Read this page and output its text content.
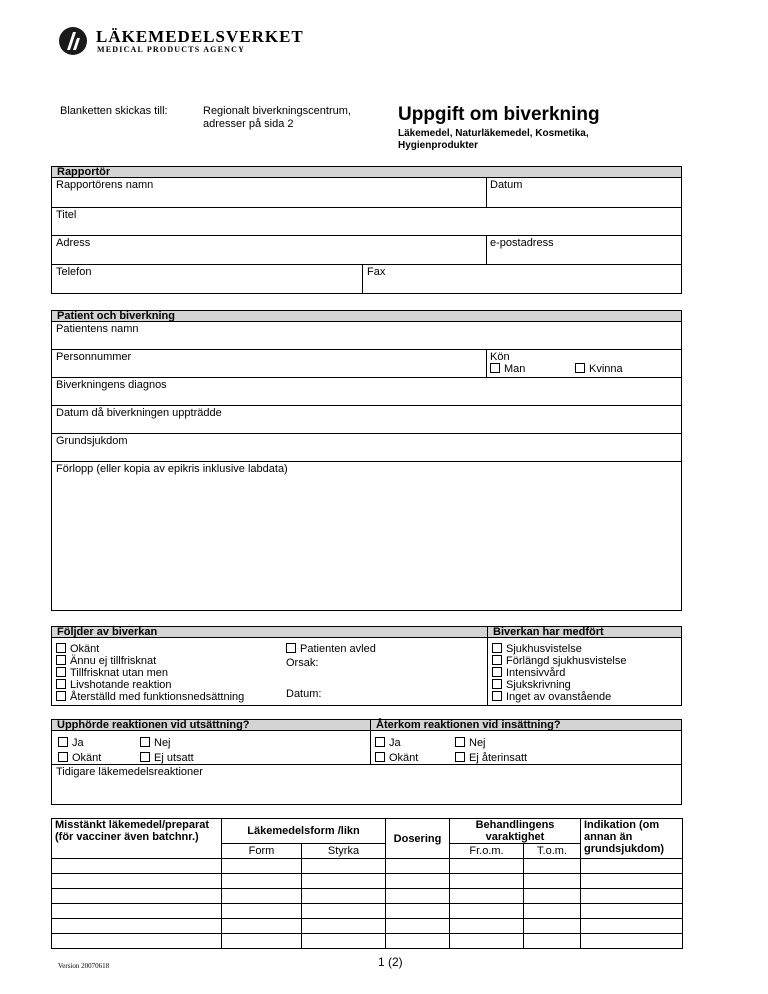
LÄKEMEDELSVERKET
MEDICAL PRODUCTS AGENCY
Blanketten skickas till:	Regionalt biverkningscentrum, adresser på sida 2	Uppgift om biverkning
Läkemedel, Naturläkemedel, Kosmetika, Hygienprodukter
Rapportör
Rapportörens namn	Datum
Titel
Adress	e-postadress
Telefon	Fax
Patient och biverkning
Patientens namn
Personnummer	Kön
Man	Kvinna
Biverkningens diagnos
Datum då biverkningen uppträdde
Grundsjukdom
Förlopp (eller kopia av epikris inklusive labdata)
Följder av biverkan	Biverkan har medfört
Okänt
Ännu ej tillfrisknat
Tillfrisknat utan men
Livshotande reaktion
Återställd med funktionsnedsättning
Patienten avled
Orsak:
Datum:
Sjukhusvistelse
Förlängd sjukhusvistelse
Intensivvård
Sjukskrivning
Inget av ovanstående
Upphörde reaktionen vid utsättning?	Återkom reaktionen vid insättning?
Ja	Nej
Okänt	Ej utsatt
Ja	Nej
Okänt	Ej återinsatt
Tidigare läkemedelsreaktioner
Misstänkt läkemedel/preparat (för vacciner även batchnr.)	Läkemedelsform /likn		Dosering	Behandlingens varaktighet		Indikation (om annan än grundsjukdom)
	Form	Styrka		Fr.o.m.	T.o.m.	

Version 20070618	1 (2)
